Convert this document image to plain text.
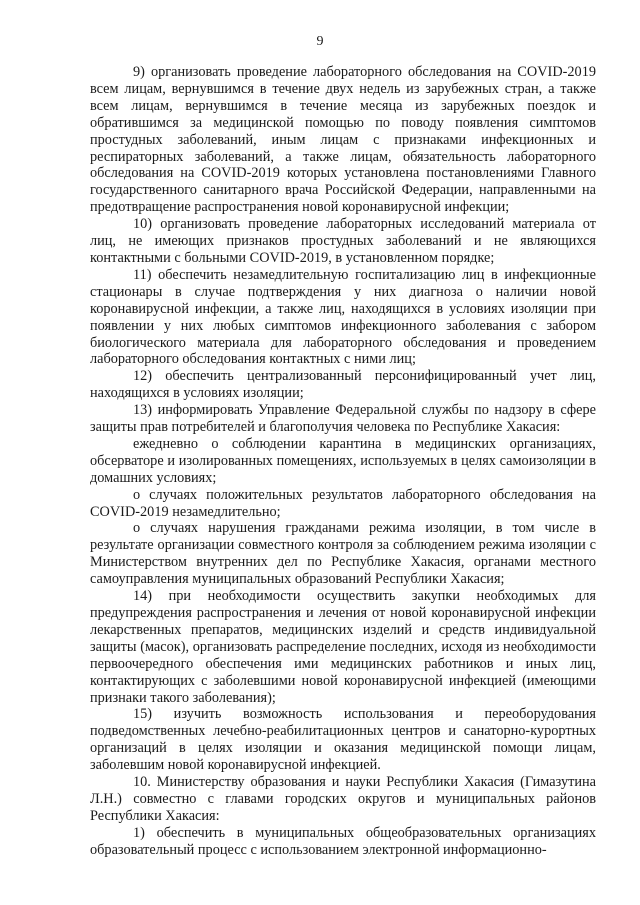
9

9) организовать проведение лабораторного обследования на COVID-2019 всем лицам, вернувшимся в течение двух недель из зарубежных стран, а также всем лицам, вернувшимся в течение месяца из зарубежных поездок и обратившимся за медицинской помощью по поводу появления симптомов простудных заболеваний, иным лицам с признаками инфекционных и респираторных заболеваний, а также лицам, обязательность лабораторного обследования на COVID-2019 которых установлена постановлениями Главного государственного санитарного врача Российской Федерации, направленными на предотвращение распространения новой коронавирусной инфекции;

10) организовать проведение лабораторных исследований материала от лиц, не имеющих признаков простудных заболеваний и не являющихся контактными с больными COVID-2019, в установленном порядке;

11) обеспечить незамедлительную госпитализацию лиц в инфекционные стационары в случае подтверждения у них диагноза о наличии новой коронавирусной инфекции, а также лиц, находящихся в условиях изоляции при появлении у них любых симптомов инфекционного заболевания с забором биологического материала для лабораторного обследования и проведением лабораторного обследования контактных с ними лиц;

12) обеспечить централизованный персонифицированный учет лиц, находящихся в условиях изоляции;

13) информировать Управление Федеральной службы по надзору в сфере защиты прав потребителей и благополучия человека по Республике Хакасия:

ежедневно о соблюдении карантина в медицинских организациях, обсерваторе и изолированных помещениях, используемых в целях самоизоляции в домашних условиях;

о случаях положительных результатов лабораторного обследования на COVID-2019 незамедлительно;

о случаях нарушения гражданами режима изоляции, в том числе в результате организации совместного контроля за соблюдением режима изоляции с Министерством внутренних дел по Республике Хакасия, органами местного самоуправления муниципальных образований Республики Хакасия;

14) при необходимости осуществить закупки необходимых для предупреждения распространения и лечения от новой коронавирусной инфекции лекарственных препаратов, медицинских изделий и средств индивидуальной защиты (масок), организовать распределение последних, исходя из необходимости первоочередного обеспечения ими медицинских работников и иных лиц, контактирующих с заболевшими новой коронавирусной инфекцией (имеющими признаки такого заболевания);

15) изучить возможность использования и переоборудования подведомственных лечебно-реабилитационных центров и санаторно-курортных организаций в целях изоляции и оказания медицинской помощи лицам, заболевшим новой коронавирусной инфекцией.

10. Министерству образования и науки Республики Хакасия (Гимазутина Л.Н.) совместно с главами городских округов и муниципальных районов Республики Хакасия:

1) обеспечить в муниципальных общеобразовательных организациях образовательный процесс с использованием электронной информационно-
